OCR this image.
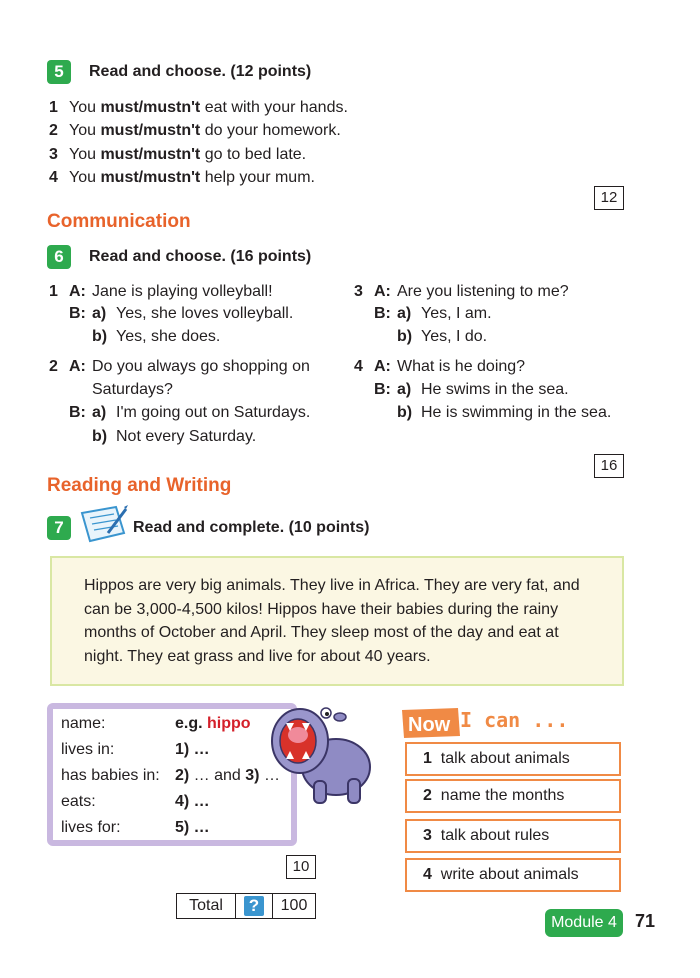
5	Read and choose. (12 points)
1 You must/mustn't eat with your hands.
2 You must/mustn't do your homework.
3 You must/mustn't go to bed late.
4 You must/mustn't help your mum.
12
Communication
6	Read and choose. (16 points)
1 A: Jane is playing volleyball!
B: a) Yes, she loves volleyball.
b) Yes, she does.
2 A: Do you always go shopping on
Saturdays?
B: a) I'm going out on Saturdays.
b) Not every Saturday.
3 A: Are you listening to me?
B: a) Yes, I am.
b) Yes, I do.
4 A: What is he doing?
B: a) He swims in the sea.
b) He is swimming in the sea.
16
Reading and Writing
7	Read and complete. (10 points)
Hippos are very big animals. They live in Africa. They are very fat, and
can be 3,000-4,500 kilos! Hippos have their babies during the rainy
months of October and April. They sleep most of the day and eat at
night. They eat grass and live for about 40 years.
name:	e.g. hippo
lives in:	1) …
has babies in: 2) … and 3) …
eats:	4) …
lives for:	5) …
Now I can ...
1 talk about animals
2 name the months
3 talk about rules
4 write about animals
10
Total	?	100
Module 4	71
